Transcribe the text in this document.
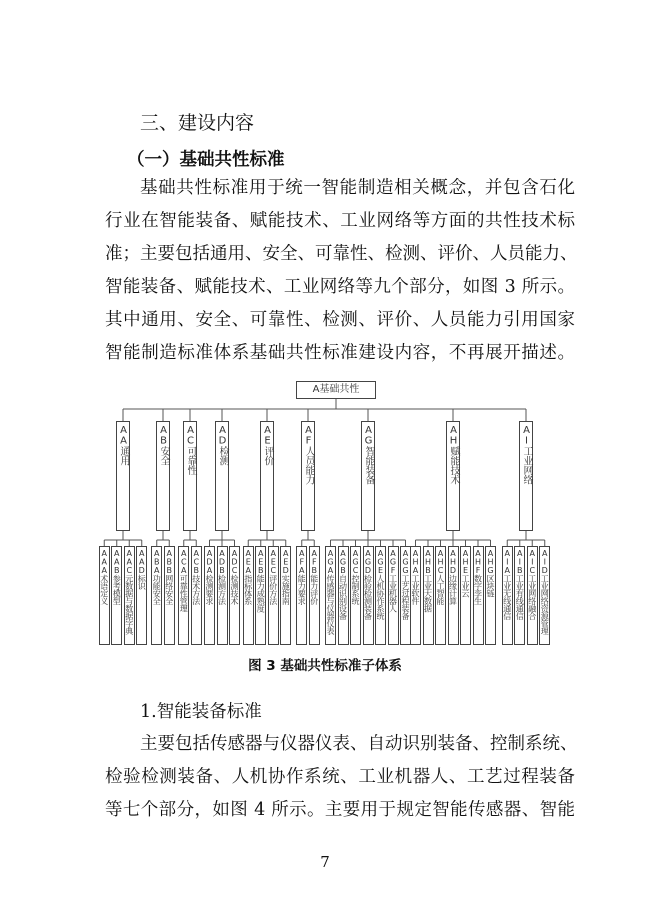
三、建设内容
（一）基础共性标准
基础共性标准用于统一智能制造相关概念，并包含石化
行业在智能装备、赋能技术、工业网络等方面的共性技术标
准；主要包括通用、安全、可靠性、检测、评价、人员能力、
智能装备、赋能技术、工业网络等九个部分，如图 3 所示。
其中通用、安全、可靠性、检测、评价、人员能力引用国家
智能制造标准体系基础共性标准建设内容，不再展开描述。
A基础共性
AA通用
AAA术语定义 AAB参考模型 AAC元数据与数据字典 AAD标识
AB安全
ABA功能安全 ABB网络安全
AC可靠性
ACA可靠性管理 ACB技术方法
AD检测
ADA检测要求 ADB检测方法 ADC检测技术
AE评价
AEA指标体系 AEB能力成熟度 AEC评价方法 AED实施指南
AF人员能力
AFA能力要求 AFB能力评价
AG智能装备
AGA传感器与仪器仪表 AGB自动识别设备 AGC控制系统 AGD检验检测装备 AGE人机协作系统 AGF工业机器人 AGG工艺过程装备
AH赋能技术
AHA工业软件 AHB工业大数据 AHC人工智能 AHD边缘计算 AHE工业云 AHF数字孪生 AHG区块链
AI工业网络
AIA工业无线通信 AIB工业有线通信 AIC工业网络融合 AID工业网络资源管理
图 3 基础共性标准子体系
1.智能装备标准
主要包括传感器与仪器仪表、自动识别装备、控制系统、
检验检测装备、人机协作系统、工业机器人、工艺过程装备
等七个部分，如图 4 所示。主要用于规定智能传感器、智能
7
